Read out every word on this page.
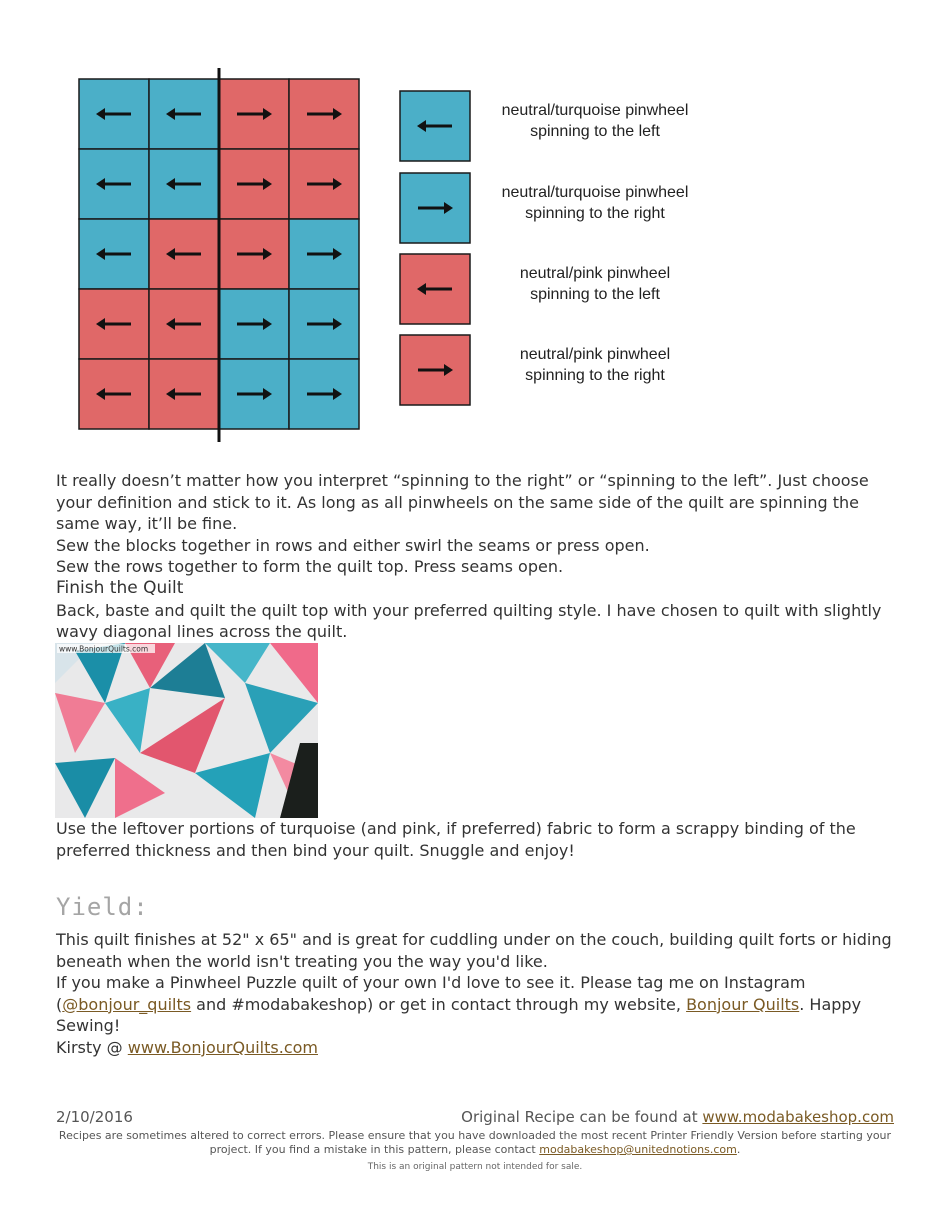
neutral/turquoise pinwheel
spinning to the left
neutral/turquoise pinwheel
spinning to the right
neutral/pink pinwheel
spinning to the left
neutral/pink pinwheel
spinning to the right

It really doesn’t matter how you interpret “spinning to the right” or “spinning to the left”. Just choose your definition and stick to it. As long as all pinwheels on the same side of the quilt are spinning the same way, it’ll be fine.

Sew the blocks together in rows and either swirl the seams or press open.

Sew the rows together to form the quilt top. Press seams open.

Finish the Quilt

Back, baste and quilt the quilt top with your preferred quilting style. I have chosen to quilt with slightly wavy diagonal lines across the quilt.

www.BonjourQuilts.com

Use the leftover portions of turquoise (and pink, if preferred) fabric to form a scrappy binding of the preferred thickness and then bind your quilt. Snuggle and enjoy!

Yield:

This quilt finishes at 52" x 65" and is great for cuddling under on the couch, building quilt forts or hiding beneath when the world isn't treating you the way you'd like.

If you make a Pinwheel Puzzle quilt of your own I'd love to see it. Please tag me on Instagram (@bonjour_quilts and #modabakeshop) or get in contact through my website, Bonjour Quilts. Happy Sewing!

Kirsty @ www.BonjourQuilts.com

2/10/2016	Original Recipe can be found at www.modabakeshop.com
Recipes are sometimes altered to correct errors. Please ensure that you have downloaded the most recent Printer Friendly Version before starting your project. If you find a mistake in this pattern, please contact modabakeshop@unitednotions.com.
This is an original pattern not intended for sale.
